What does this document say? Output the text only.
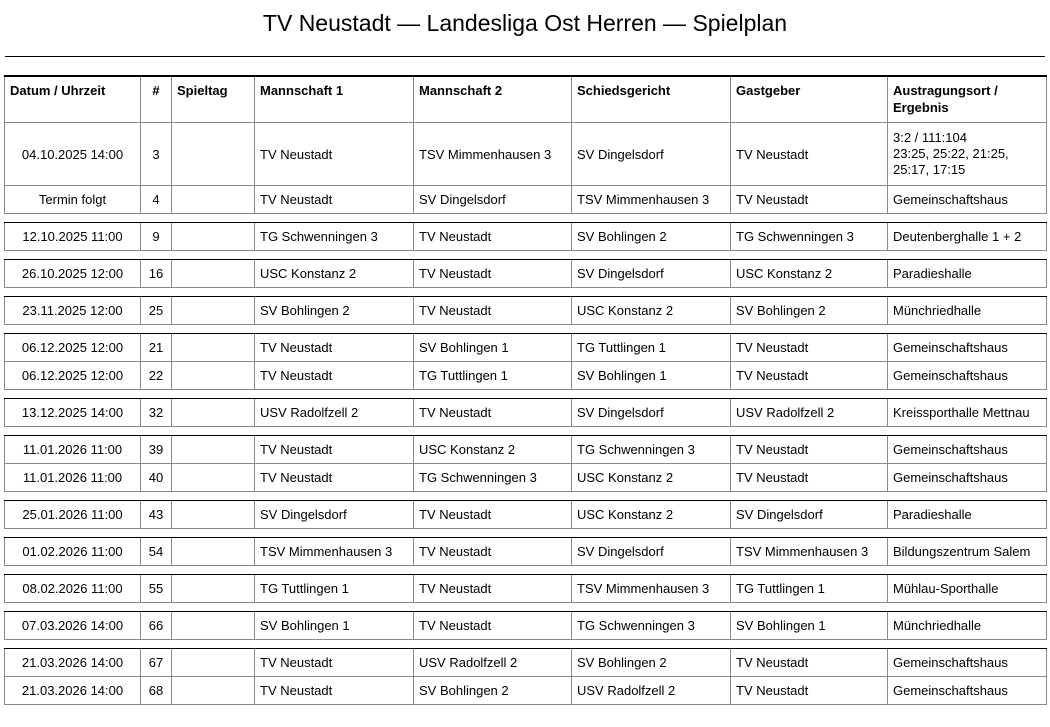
TV Neustadt — Landesliga Ost Herren — Spielplan
Datum / Uhrzeit	#	Spieltag	Mannschaft 1	Mannschaft 2	Schiedsgericht	Gastgeber	Austragungsort / Ergebnis
04.10.2025 14:00	3		TV Neustadt	TSV Mimmenhausen 3	SV Dingelsdorf	TV Neustadt	3:2 / 111:104
23:25, 25:22, 21:25, 25:17, 17:15
Termin folgt	4		TV Neustadt	SV Dingelsdorf	TSV Mimmenhausen 3	TV Neustadt	Gemeinschaftshaus

12.10.2025 11:00	9		TG Schwenningen 3	TV Neustadt	SV Bohlingen 2	TG Schwenningen 3	Deutenberghalle 1 + 2

26.10.2025 12:00	16		USC Konstanz 2	TV Neustadt	SV Dingelsdorf	USC Konstanz 2	Paradieshalle

23.11.2025 12:00	25		SV Bohlingen 2	TV Neustadt	USC Konstanz 2	SV Bohlingen 2	Münchriedhalle

06.12.2025 12:00	21		TV Neustadt	SV Bohlingen 1	TG Tuttlingen 1	TV Neustadt	Gemeinschaftshaus
06.12.2025 12:00	22		TV Neustadt	TG Tuttlingen 1	SV Bohlingen 1	TV Neustadt	Gemeinschaftshaus

13.12.2025 14:00	32		USV Radolfzell 2	TV Neustadt	SV Dingelsdorf	USV Radolfzell 2	Kreissporthalle Mettnau

11.01.2026 11:00	39		TV Neustadt	USC Konstanz 2	TG Schwenningen 3	TV Neustadt	Gemeinschaftshaus
11.01.2026 11:00	40		TV Neustadt	TG Schwenningen 3	USC Konstanz 2	TV Neustadt	Gemeinschaftshaus

25.01.2026 11:00	43		SV Dingelsdorf	TV Neustadt	USC Konstanz 2	SV Dingelsdorf	Paradieshalle

01.02.2026 11:00	54		TSV Mimmenhausen 3	TV Neustadt	SV Dingelsdorf	TSV Mimmenhausen 3	Bildungszentrum Salem

08.02.2026 11:00	55		TG Tuttlingen 1	TV Neustadt	TSV Mimmenhausen 3	TG Tuttlingen 1	Mühlau-Sporthalle

07.03.2026 14:00	66		SV Bohlingen 1	TV Neustadt	TG Schwenningen 3	SV Bohlingen 1	Münchriedhalle

21.03.2026 14:00	67		TV Neustadt	USV Radolfzell 2	SV Bohlingen 2	TV Neustadt	Gemeinschaftshaus
21.03.2026 14:00	68		TV Neustadt	SV Bohlingen 2	USV Radolfzell 2	TV Neustadt	Gemeinschaftshaus
